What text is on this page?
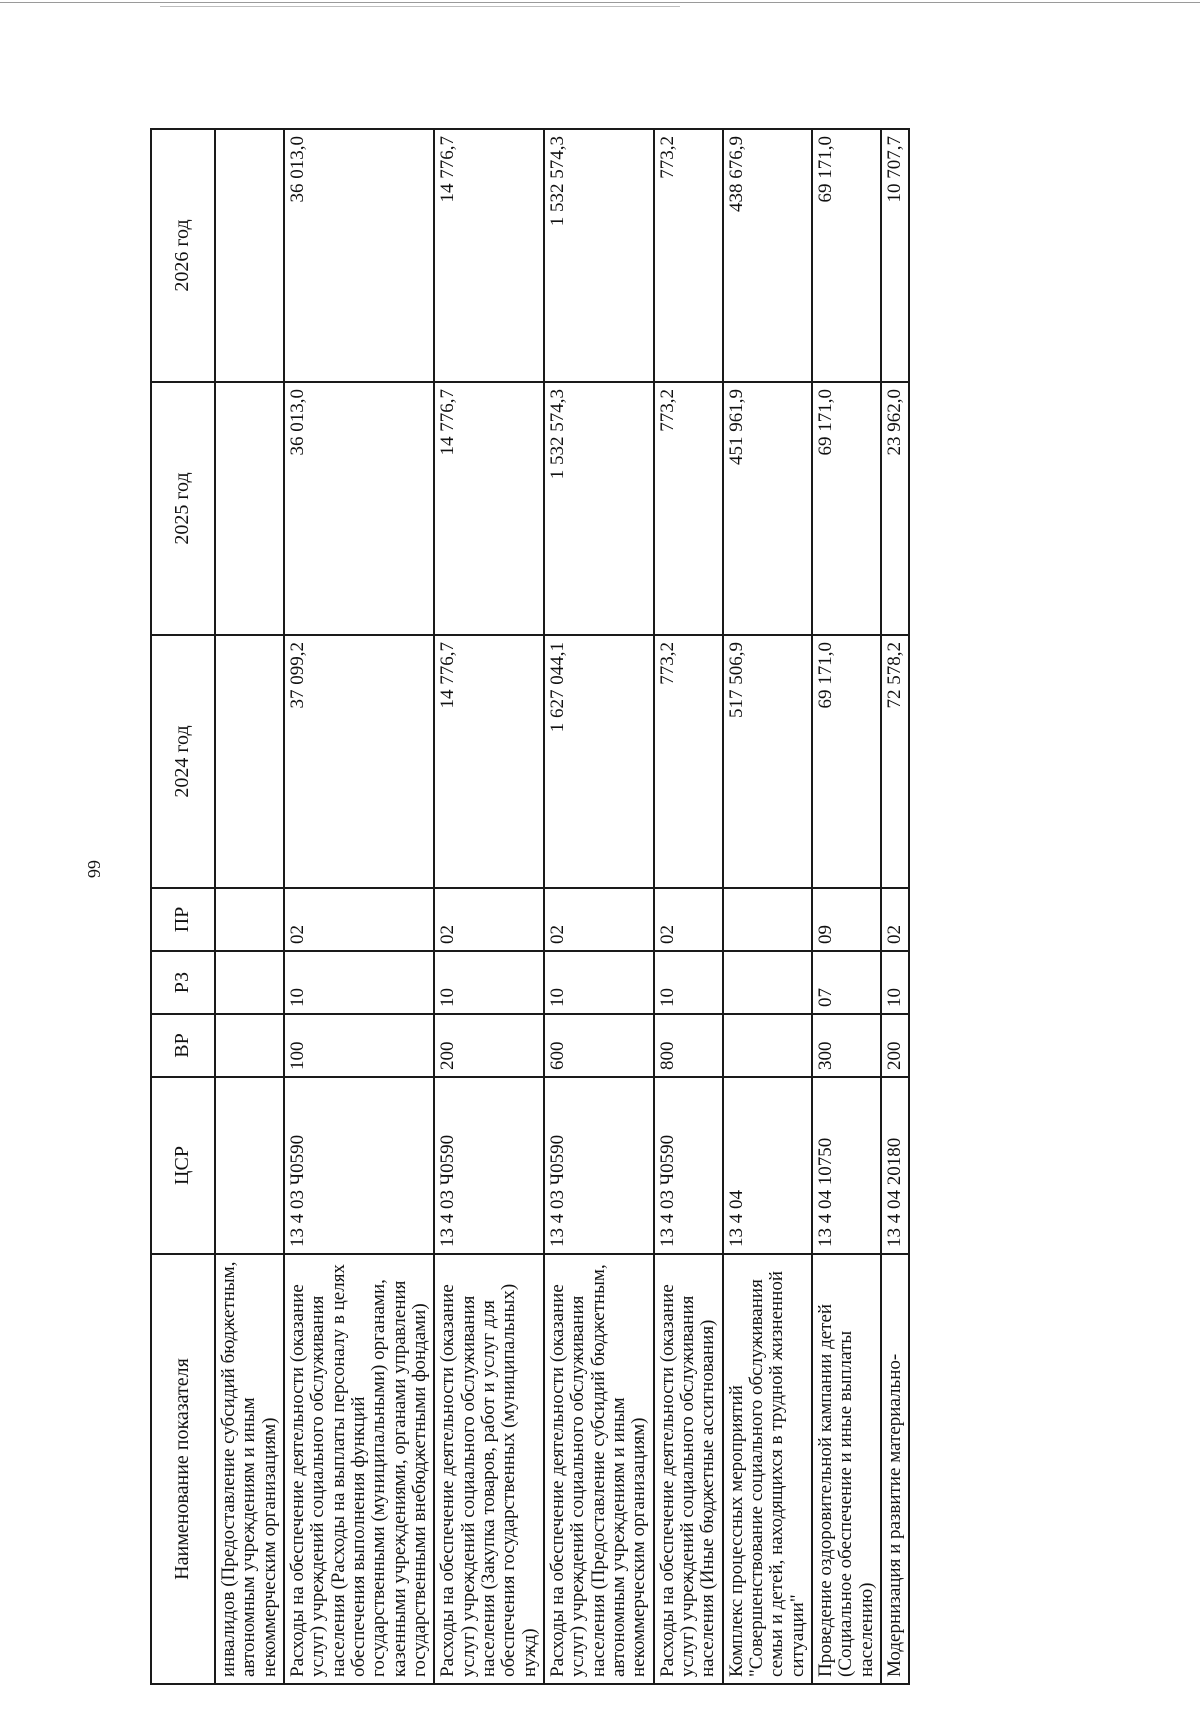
66
Наименование показателя	ЦСР	ВР	РЗ	ПР	2024 год	2025 год	2026 год
инвалидов (Предоставление субсидий бюджетным, автономным учреждениям и иным некоммерческим организациям)							
Расходы на обеспечение деятельности (оказание услуг) учреждений социального обслуживания населения (Расходы на выплаты персоналу в целях обеспечения выполнения функций государственными (муниципальными) органами, казенными учреждениями, органами управления государственными внебюджетными фондами)	13 4 03 Ч0590	100	10	02	37 099,2	36 013,0	36 013,0
Расходы на обеспечение деятельности (оказание услуг) учреждений социального обслуживания населения (Закупка товаров, работ и услуг для обеспечения государственных (муниципальных) нужд)	13 4 03 Ч0590	200	10	02	14 776,7	14 776,7	14 776,7
Расходы на обеспечение деятельности (оказание услуг) учреждений социального обслуживания населения (Предоставление субсидий бюджетным, автономным учреждениям и иным некоммерческим организациям)	13 4 03 Ч0590	600	10	02	1 627 044,1	1 532 574,3	1 532 574,3
Расходы на обеспечение деятельности (оказание услуг) учреждений социального обслуживания населения (Иные бюджетные ассигнования)	13 4 03 Ч0590	800	10	02	773,2	773,2	773,2
Комплекс процессных мероприятий "Совершенствование социального обслуживания семьи и детей, находящихся в трудной жизненной ситуации"	13 4 04				517 506,9	451 961,9	438 676,9
Проведение оздоровительной кампании детей (Социальное обеспечение и иные выплаты населению)	13 4 04 10750	300	07	09	69 171,0	69 171,0	69 171,0
Модернизация и развитие материально-	13 4 04 20180	200	10	02	72 578,2	23 962,0	10 707,7
